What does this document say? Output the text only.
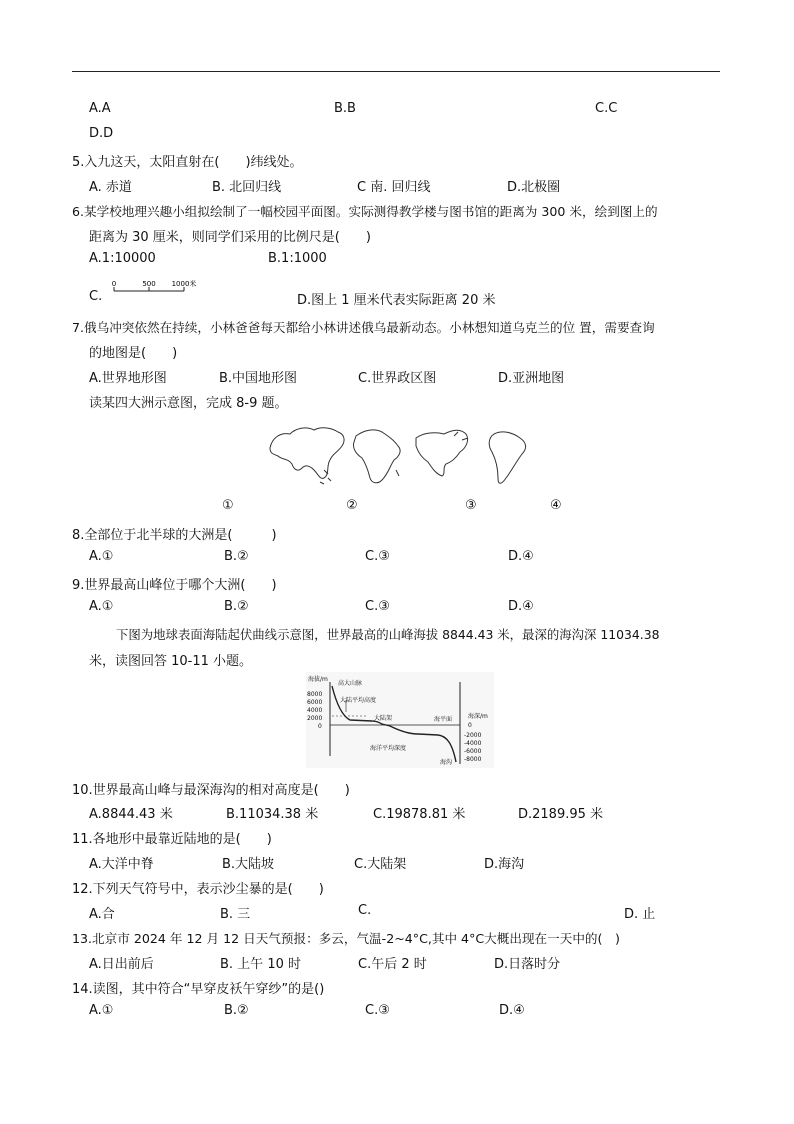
A.A	B.B	C.C
D.D
5.入九这天，太阳直射在(　　)纬线处。
A. 赤道	B. 北回归线	C 南. 回归线	D.北极圈
6.某学校地理兴趣小组拟绘制了一幅校园平面图。实际测得教学楼与图书馆的距离为 300 米，绘到图上的
距离为 30 厘米，则同学们采用的比例尺是(　　)
A.1:10000	B.1:1000
C.
0	500 1000米
D.图上 1 厘米代表实际距离 20 米
7.俄乌冲突依然在持续，小林爸爸每天都给小林讲述俄乌最新动态。小林想知道乌克兰的位 置，需要查询
的地图是(　　)
A.世界地形图	B.中国地形图	C.世界政区图	D.亚洲地图
读某四大洲示意图，完成 8-9 题。
①	②	③	④
8.全部位于北半球的大洲是(　　　)
A.①	B.②	C.③	D.④
9.世界最高山峰位于哪个大洲(　　)
A.①	B.②	C.③	D.④
下图为地球表面海陆起伏曲线示意图，世界最高的山峰海拔 8844.43 米，最深的海沟深 11034.38
米，读图回答 10-11 小题。
海拔/m
8000
6000
4000
2000
0
海深/m
0
-2000
-4000
-6000
-8000
高大山脉
大陆平均高度
大陆架	海平面
海洋平均深度
海沟
10.世界最高山峰与最深海沟的相对高度是(　　)
A.8844.43 米	B.11034.38 米	C.19878.81 米	D.2189.95 米
11.各地形中最靠近陆地的是(　　)
A.大洋中脊	B.大陆坡	C.大陆架	D.海沟
12.下列天气符号中，表示沙尘暴的是(　　)
A.合	B. 三	C.	D. 止
13.北京市 2024 年 12 月 12 日天气预报：多云，气温-2~4°C,其中 4°C大概出现在一天中的(　)
A.日出前后	B. 上午 10 时	C.午后 2 时	D.日落时分
14.读图，其中符合“早穿皮袄午穿纱”的是()
A.①	B.②	C.③	D.④
